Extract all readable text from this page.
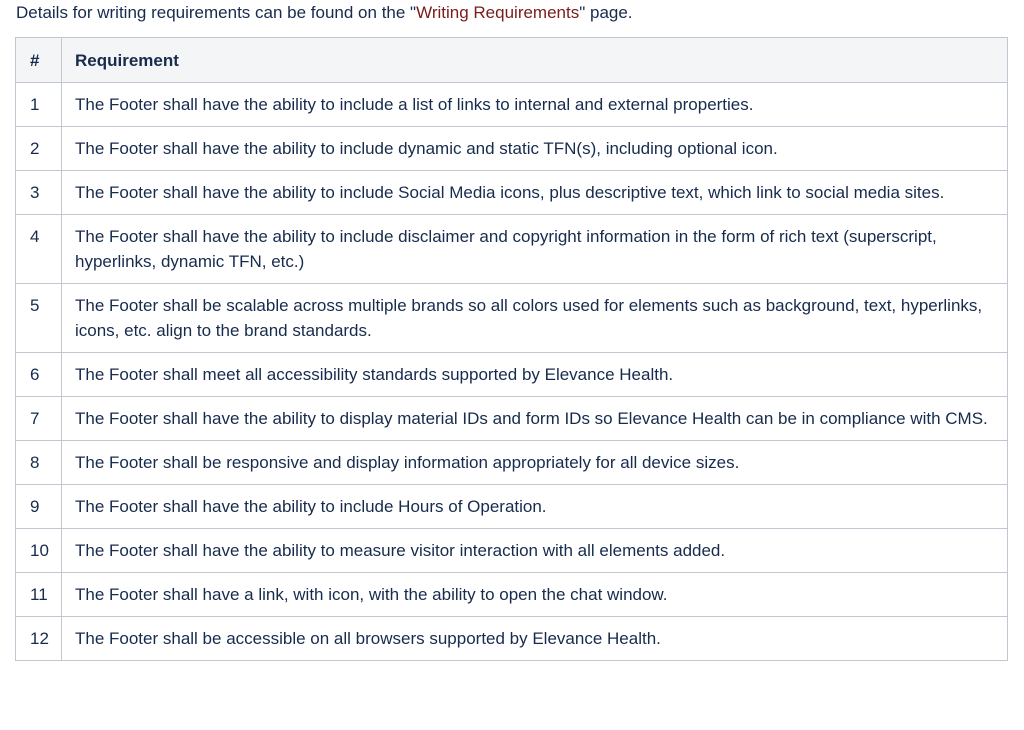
Details for writing requirements can be found on the "Writing Requirements" page.
#	Requirement
1	The Footer shall have the ability to include a list of links to internal and external properties.
2	The Footer shall have the ability to include dynamic and static TFN(s), including optional icon.
3	The Footer shall have the ability to include Social Media icons, plus descriptive text, which link to social media sites.
4	The Footer shall have the ability to include disclaimer and copyright information in the form of rich text (superscript, hyperlinks, dynamic TFN, etc.)
5	The Footer shall be scalable across multiple brands so all colors used for elements such as background, text, hyperlinks, icons, etc. align to the brand standards.
6	The Footer shall meet all accessibility standards supported by Elevance Health.
7	The Footer shall have the ability to display material IDs and form IDs so Elevance Health can be in compliance with CMS.
8	The Footer shall be responsive and display information appropriately for all device sizes.
9	The Footer shall have the ability to include Hours of Operation.
10	The Footer shall have the ability to measure visitor interaction with all elements added.
11	The Footer shall have a link, with icon, with the ability to open the chat window.
12	The Footer shall be accessible on all browsers supported by Elevance Health.
